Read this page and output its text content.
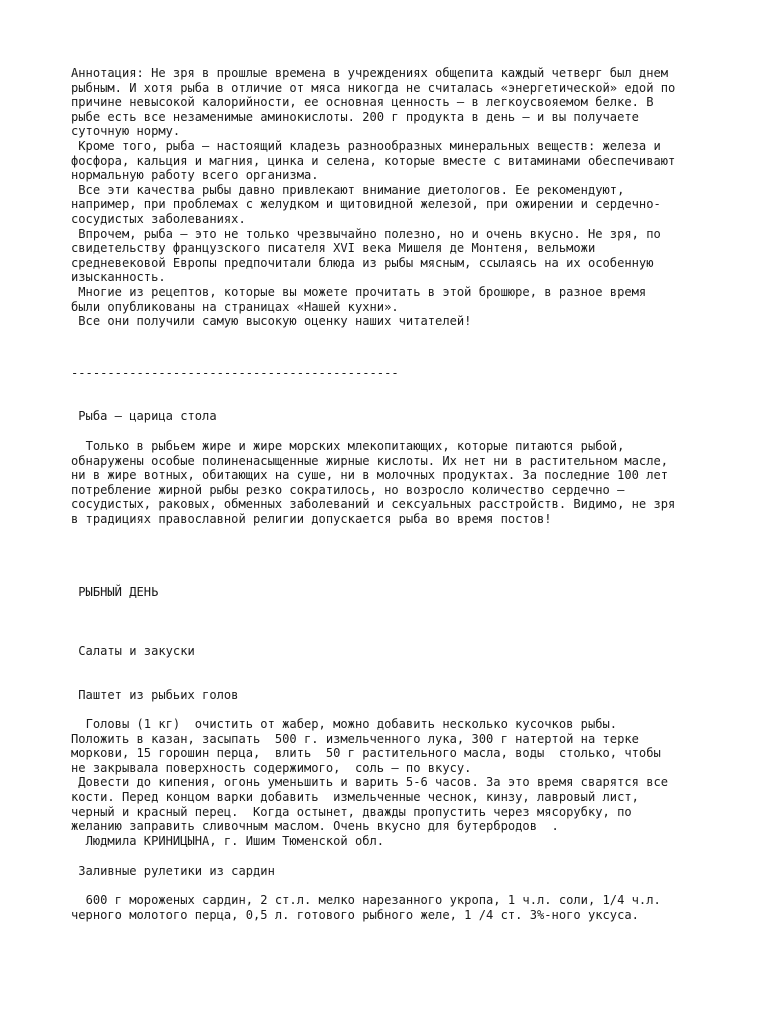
Аннотация: Не зря в прошлые времена в учреждениях общепита каждый четверг был днем
рыбным. И хотя рыба в отличие от мяса никогда не считалась «энергетической» едой по
причине невысокой калорийности, ее основная ценность — в легкоусвояемом белке. В
рыбе есть все незаменимые аминокислоты. 200 г продукта в день — и вы получаете
суточную норму.
Кроме того, рыба — настоящий кладезь разнообразных минеральных веществ: железа и
фосфора, кальция и магния, цинка и селена, которые вместе с витаминами обеспечивают
нормальную работу всего организма.
Все эти качества рыбы давно привлекают внимание диетологов. Ее рекомендуют,
например, при проблемах с желудком и щитовидной железой, при ожирении и сердечно-
сосудистых заболеваниях.
Впрочем, рыба — это не только чрезвычайно полезно, но и очень вкусно. Не зря, по
свидетельству французского писателя XVI века Мишеля де Монтеня, вельможи
средневековой Европы предпочитали блюда из рыбы мясным, ссылаясь на их особенную
изысканность.
Многие из рецептов, которые вы можете прочитать в этой брошюре, в разное время
были опубликованы на страницах «Нашей кухни».
Все они получили самую высокую оценку наших читателей!
---------------------------------------------
Рыба — царица стола
Только в рыбьем жире и жире морских млекопитающих, которые питаются рыбой,
обнаружены особые полиненасыщенные жирные кислоты. Их нет ни в растительном масле,
ни в жире вотных, обитающих на суше, ни в молочных продуктах. За последние 100 лет
потребление жирной рыбы резко сократилось, но возросло количество сердечно —
сосудистых, раковых, обменных заболеваний и сексуальных расстройств. Видимо, не зря
в традициях православной религии допускается рыба во время постов!
РЫБНЫЙ ДЕНЬ
Салаты и закуски
Паштет из рыбьих голов
Головы (1 кг)  очистить от жабер, можно добавить несколько кусочков рыбы.
Положить в казан, засыпать  500 г. измельченного лука, 300 г натертой на терке
моркови, 15 горошин перца,  влить  50 г растительного масла, воды  столько, чтобы
не закрывала поверхность содержимого,  соль — по вкусу.
Довести до кипения, огонь уменьшить и варить 5-6 часов. За это время сварятся все
кости. Перед концом варки добавить  измельченные чеснок, кинзу, лавровый лист,
черный и красный перец.  Когда остынет, дважды пропустить через мясорубку, по
желанию заправить сливочным маслом. Очень вкусно для бутербродов  .
Людмила КРИНИЦЫНА, г. Ишим Тюменской обл.
Заливные рулетики из сардин
600 г мороженых сардин, 2 ст.л. мелко нарезанного укропа, 1 ч.л. соли, 1/4 ч.л.
черного молотого перца, 0,5 л. готового рыбного желе, 1 /4 ст. 3%-ного уксуса.
